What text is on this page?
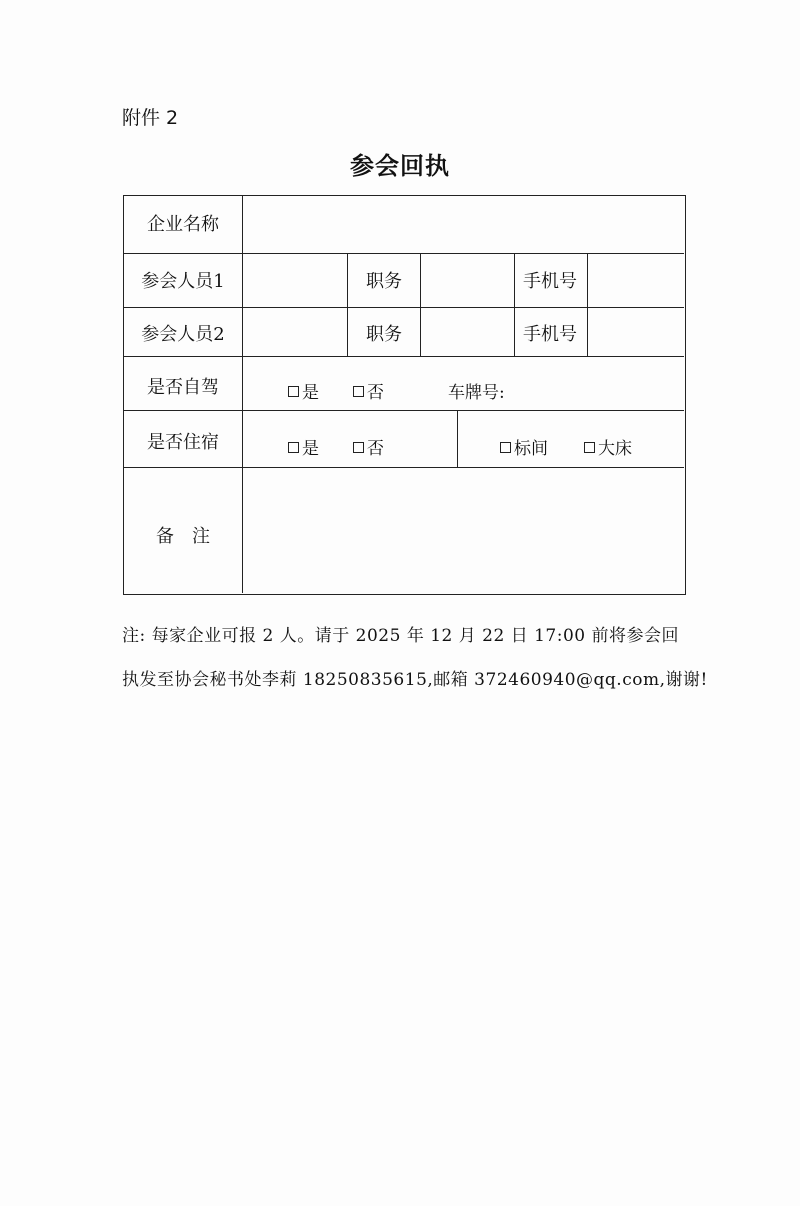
附件 2
参会回执
企业名称
参会人员1	职务	手机号
参会人员2	职务	手机号
是否自驾	是	否	车牌号:
是否住宿	是	否	标间	大床
备　注
注: 每家企业可报 2 人。请于 2025 年 12 月 22 日 17:00 前将参会回
执发至协会秘书处李莉 18250835615,邮箱 372460940@qq.com,谢谢!
